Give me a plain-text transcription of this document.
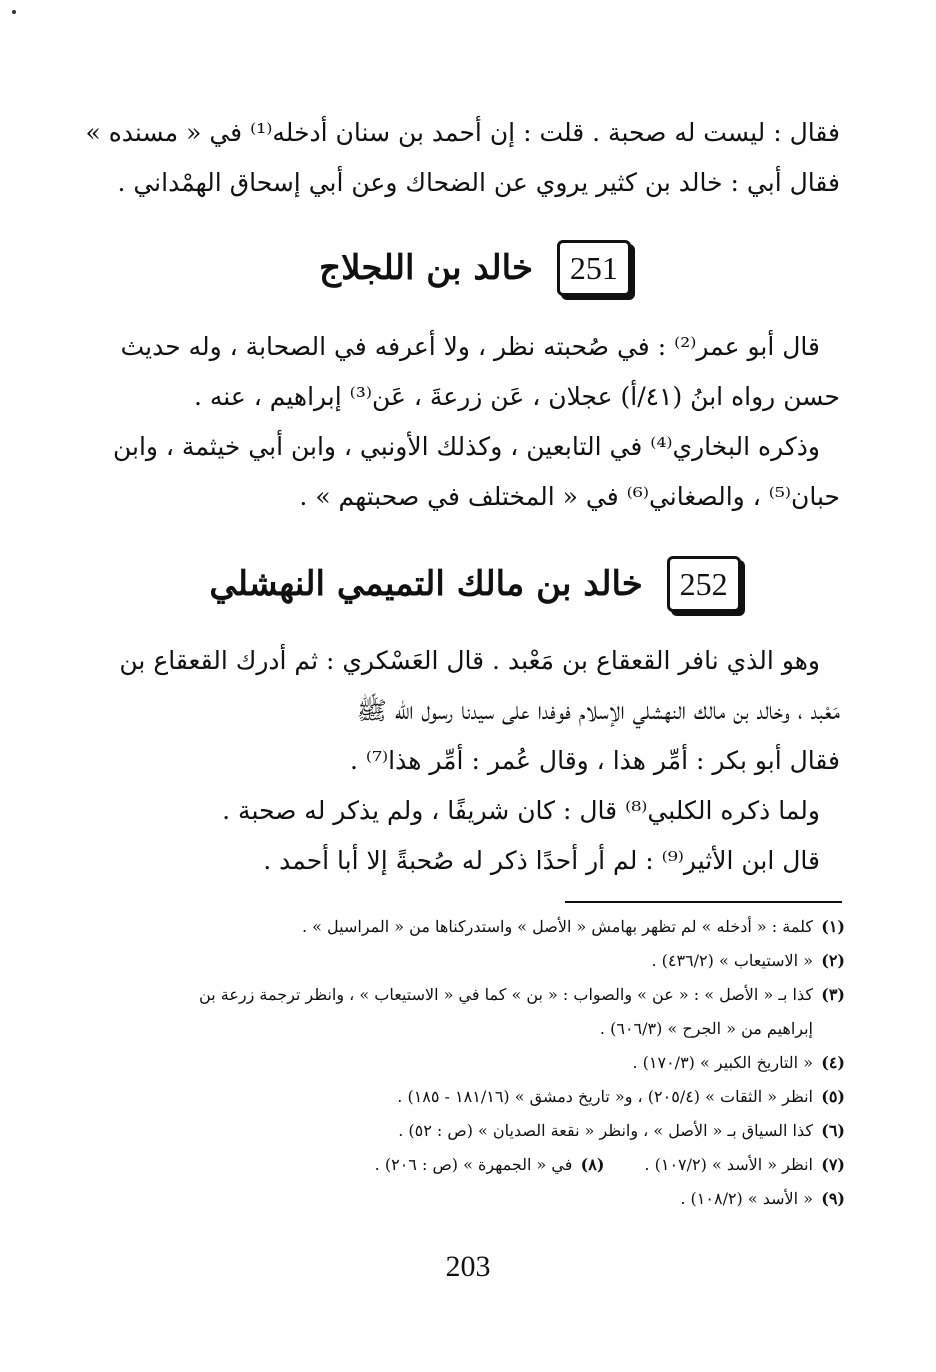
فقال : ليست له صحبة . قلت : إن أحمد بن سنان أدخله⁽¹⁾ في « مسنده »
فقال أبي : خالد بن كثير يروي عن الضحاك وعن أبي إسحاق الهمْداني .
251 خالد بن اللجلاج
قال أبو عمر⁽²⁾ : في صُحبته نظر ، ولا أعرفه في الصحابة ، وله حديث
حسن رواه ابنُ (٤١/أ) عجلان ، عَن زرعةَ ، عَن⁽³⁾ إبراهيم ، عنه .
وذكره البخاري⁽⁴⁾ في التابعين ، وكذلك الأونبي ، وابن أبي خيثمة ، وابن
حبان⁽⁵⁾ ، والصغاني⁽⁶⁾ في « المختلف في صحبتهم » .
252 خالد بن مالك التميمي النهشلي
وهو الذي نافر القعقاع بن مَعْبد . قال العَسْكري : ثم أدرك القعقاع بن
مَعْبد ، وخالد بن مالك النهشلي الإسلام فوفدا على سيدنا رسول الله ﷺ
فقال أبو بكر : أمِّر هذا ، وقال عُمر : أمِّر هذا⁽⁷⁾ .
ولما ذكره الكلبي⁽⁸⁾ قال : كان شريفًا ، ولم يذكر له صحبة .
قال ابن الأثير⁽⁹⁾ : لم أر أحدًا ذكر له صُحبةً إلا أبا أحمد .
(١)كلمة : « أدخله » لم تظهر بهامش « الأصل » واستدركناها من « المراسيل » .
(٢)« الاستيعاب » (٤٣٦/٢) .
(٣)كذا بـ « الأصل » : « عن » والصواب : « بن » كما في « الاستيعاب » ، وانظر ترجمة زرعة بن
إبراهيم من « الجرح » (٦٠٦/٣) .
(٤)« التاريخ الكبير » (١٧٠/٣) .
(٥)انظر « الثقات » (٢٠٥/٤) ، و« تاريخ دمشق » (١٨١/١٦ - ١٨٥) .
(٦)كذا السياق بـ « الأصل » ، وانظر « نقعة الصديان » (ص : ٥٢) .
(٧)انظر « الأسد » (١٠٧/٢) .(٨)في « الجمهرة » (ص : ٢٠٦) .
(٩)« الأسد » (١٠٨/٢) .
203
